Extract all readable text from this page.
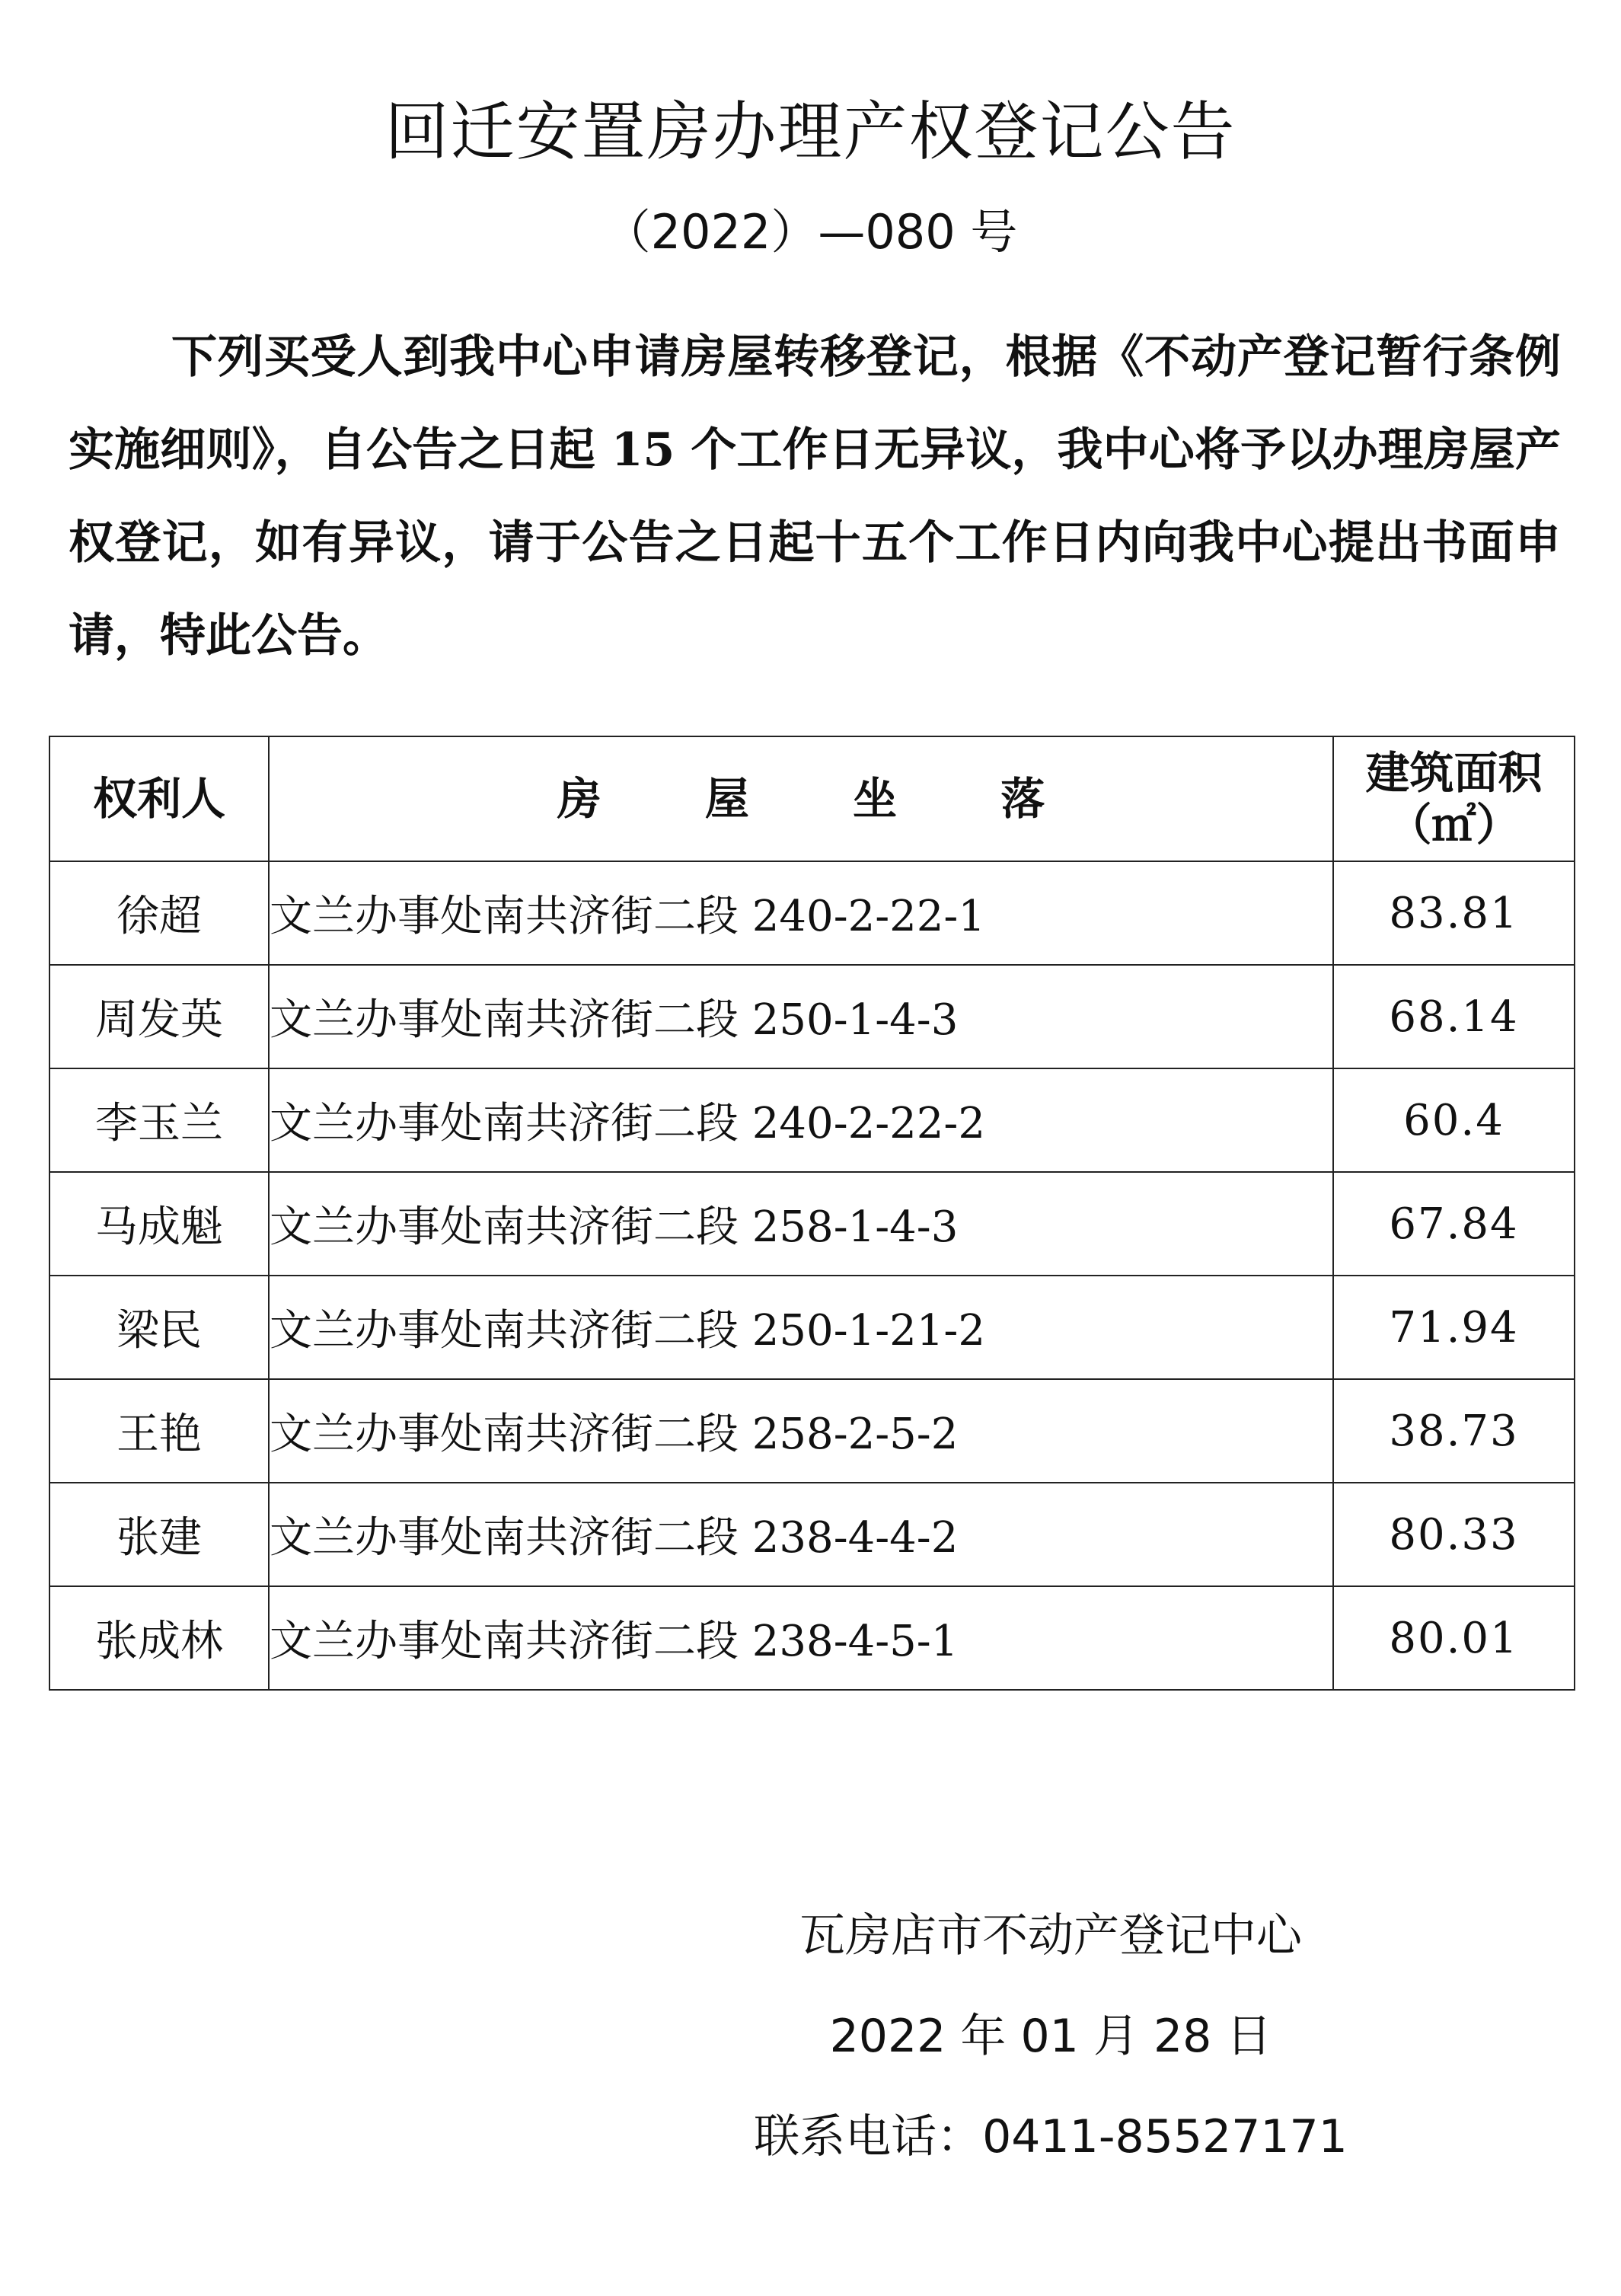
回迁安置房办理产权登记公告
（2022）—080 号

下列买受人到我中心申请房屋转移登记，根据《不动产登记暂行条例实施细则》，自公告之日起 15 个工作日无异议，我中心将予以办理房屋产权登记，如有异议，请于公告之日起十五个工作日内向我中心提出书面申请，特此公告。

权利人	房 屋 坐 落	建筑面积
（㎡）

徐超	文兰办事处南共济街二段 240-2-22-1	83.81
周发英	文兰办事处南共济街二段 250-1-4-3	68.14
李玉兰	文兰办事处南共济街二段 240-2-22-2	60.4
马成魁	文兰办事处南共济街二段 258-1-4-3	67.84
梁民	文兰办事处南共济街二段 250-1-21-2	71.94
王艳	文兰办事处南共济街二段 258-2-5-2	38.73
张建	文兰办事处南共济街二段 238-4-4-2	80.33
张成林	文兰办事处南共济街二段 238-4-5-1	80.01
瓦房店市不动产登记中心
2022 年 01 月 28 日
联系电话：0411-85527171
